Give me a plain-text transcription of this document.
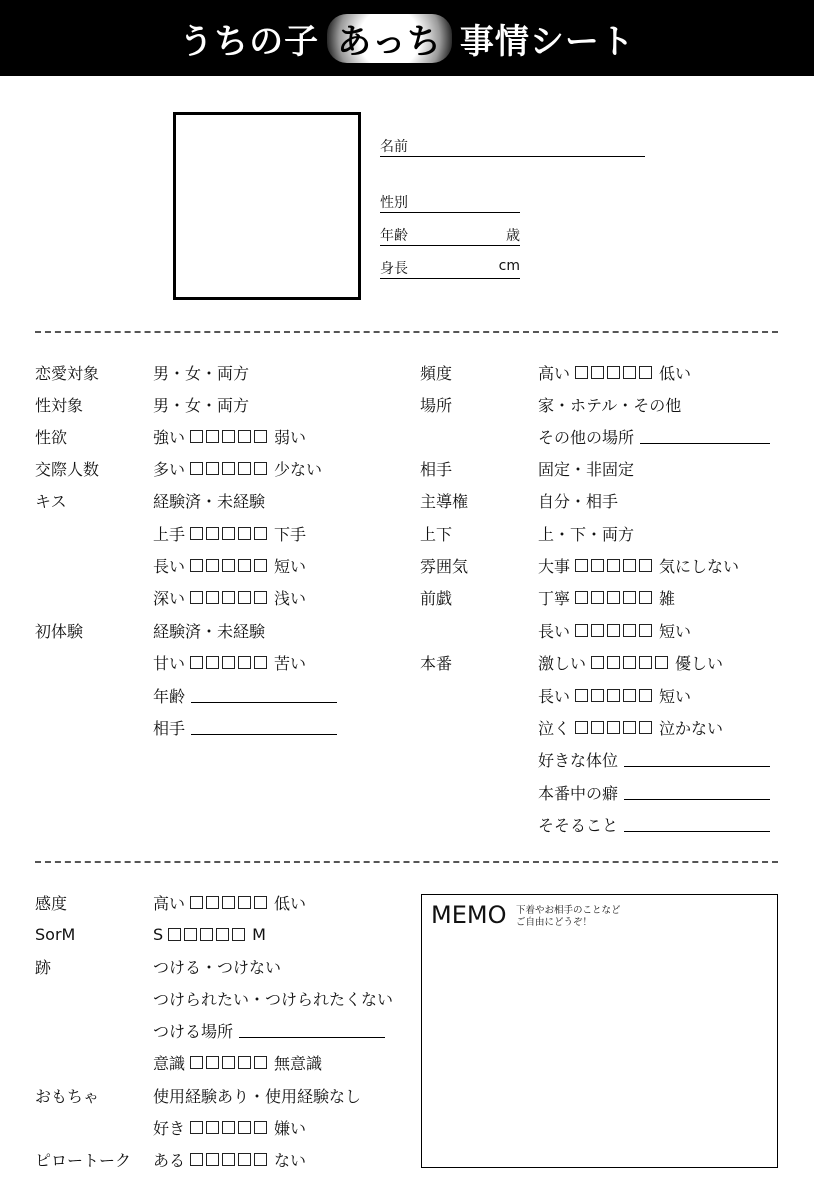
うちの子 あっち 事情シート
名前
性別
年齢	歳
身長	cm
恋愛対象	男・女・両方
性対象	男・女・両方
性欲	強い	弱い
交際人数	多い	少ない
キス	経験済・未経験
上手	下手
長い	短い
深い	浅い
初体験	経験済・未経験
甘い	苦い
年齢
相手
頻度	高い	低い
場所	家・ホテル・その他
その他の場所
相手	固定・非固定
主導権	自分・相手
上下	上・下・両方
雰囲気	大事	気にしない
前戯	丁寧	雑
長い	短い
本番	激しい	優しい
長い	短い
泣く	泣かない
好きな体位
本番中の癖
そそること
感度	高い	低い
SorM	S	M
跡	つける・つけない
つけられたい・つけられたくない
つける場所
意識	無意識
おもちゃ	使用経験あり・使用経験なし
好き	嫌い
ピロートーク	ある	ない
MEMO 下着やお相手のことなど
ご自由にどうぞ！
